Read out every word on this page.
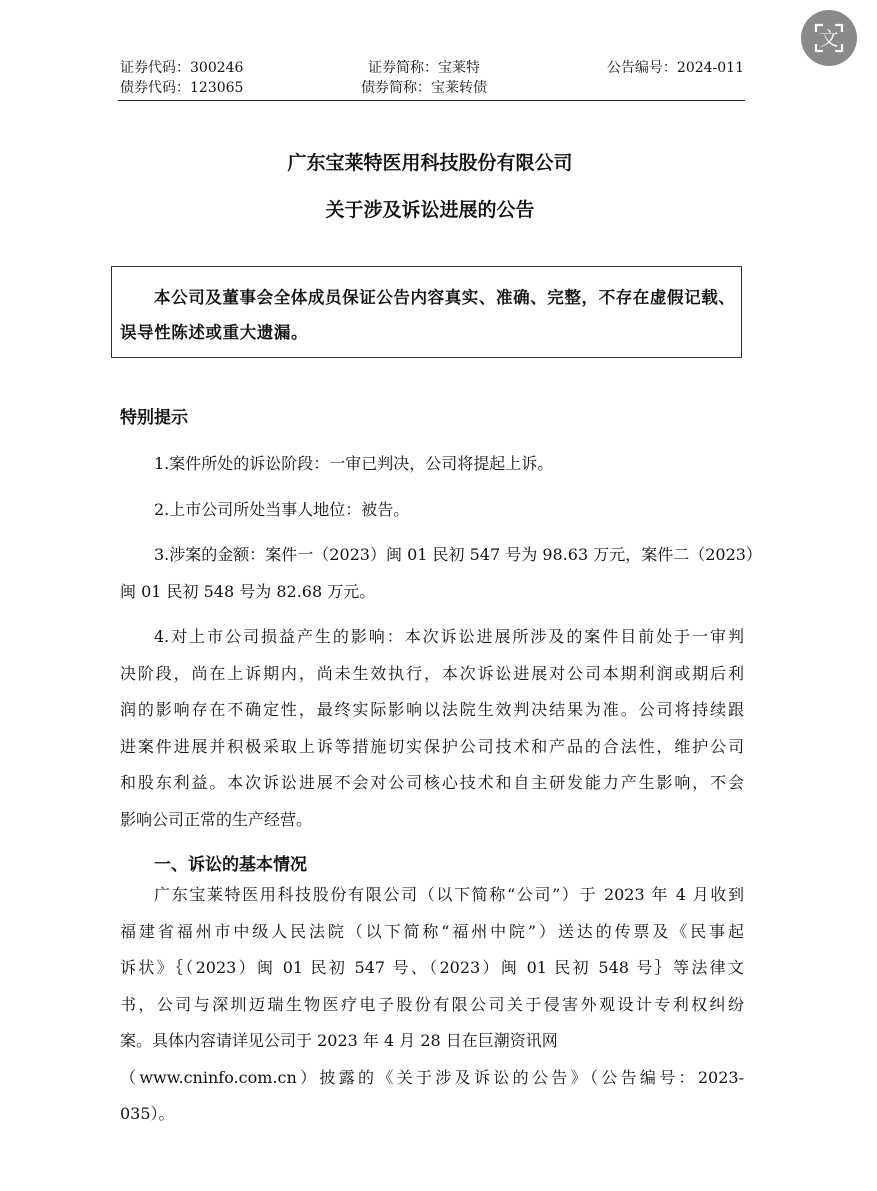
证券代码：300246	证券简称：宝莱特	公告编号：2024-011
债券代码：123065	债券简称：宝莱转债
广东宝莱特医用科技股份有限公司
关于涉及诉讼进展的公告

本公司及董事会全体成员保证公告内容真实、准确、完整，不存在虚假记载、误导性陈述或重大遗漏。

特别提示
1.案件所处的诉讼阶段：一审已判决，公司将提起上诉。
2.上市公司所处当事人地位：被告。
3.涉案的金额：案件一（2023）闽 01 民初 547 号为 98.63 万元，案件二（2023）
闽 01 民初 548 号为 82.68 万元。
4.对上市公司损益产生的影响：本次诉讼进展所涉及的案件目前处于一审判
决阶段，尚在上诉期内，尚未生效执行，本次诉讼进展对公司本期利润或期后利
润的影响存在不确定性，最终实际影响以法院生效判决结果为准。公司将持续跟
进案件进展并积极采取上诉等措施切实保护公司技术和产品的合法性，维护公司
和股东利益。本次诉讼进展不会对公司核心技术和自主研发能力产生影响，不会
影响公司正常的生产经营。
一、诉讼的基本情况
广东宝莱特医用科技股份有限公司（以下简称“公司”）于 2023 年 4 月收到
福建省福州市中级人民法院（以下简称“福州中院”）送达的传票及《民事起
诉状》｛（2023）闽 01 民初 547 号、（2023）闽 01 民初 548 号｝等法律文
书，公司与深圳迈瑞生物医疗电子股份有限公司关于侵害外观设计专利权纠纷
案。具体内容请详见公司于 2023 年 4 月 28 日在巨潮资讯网
（www.cninfo.com.cn）披露的《关于涉及诉讼的公告》（公告编号：2023-
035）。
文
